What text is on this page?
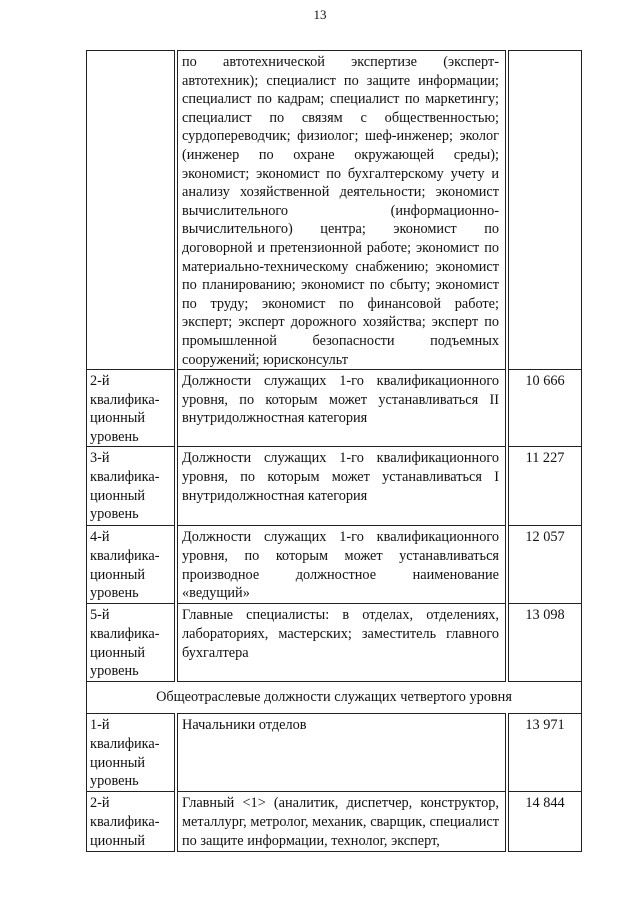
13
	по автотехнической экспертизе (эксперт-автотехник); специалист по защите информации; специалист по кадрам; специалист по маркетингу; специалист по связям с общественностью; сурдопереводчик; физиолог; шеф-инженер; эколог (инженер по охране окружающей среды); экономист; экономист по бухгалтерскому учету и анализу хозяйственной деятельности; экономист вычислительного (информационно-вычислительного) центра; экономист по договорной и претензионной работе; экономист по материально-техническому снабжению; экономист по планированию; экономист по сбыту; экономист по труду; экономист по финансовой работе; эксперт; эксперт дорожного хозяйства; эксперт по промышленной безопасности подъемных сооружений; юрисконсульт	

2-й
квалифика-
ционный
уровень	Должности служащих 1-го квалификационного уровня, по которым может устанавливаться II внутридолжностная категория	10 666

3-й
квалифика-
ционный
уровень	Должности служащих 1-го квалификационного уровня, по которым может устанавливаться I внутридолжностная категория	11 227

4-й
квалифика-
ционный
уровень	Должности служащих 1-го квалификационного уровня, по которым может устанавливаться производное должностное наименование «ведущий»	12 057

5-й
квалифика-
ционный
уровень	Главные специалисты: в отделах, отделениях, лабораториях, мастерских; заместитель главного бухгалтера	13 098
Общеотраслевые должности служащих четвертого уровня		

1-й
квалифика-
ционный
уровень	Начальники отделов	13 971

2-й
квалифика-
ционный	Главный <1> (аналитик, диспетчер, конструктор, металлург, метролог, механик, сварщик, специалист по защите информации, технолог, эксперт,	14 844
